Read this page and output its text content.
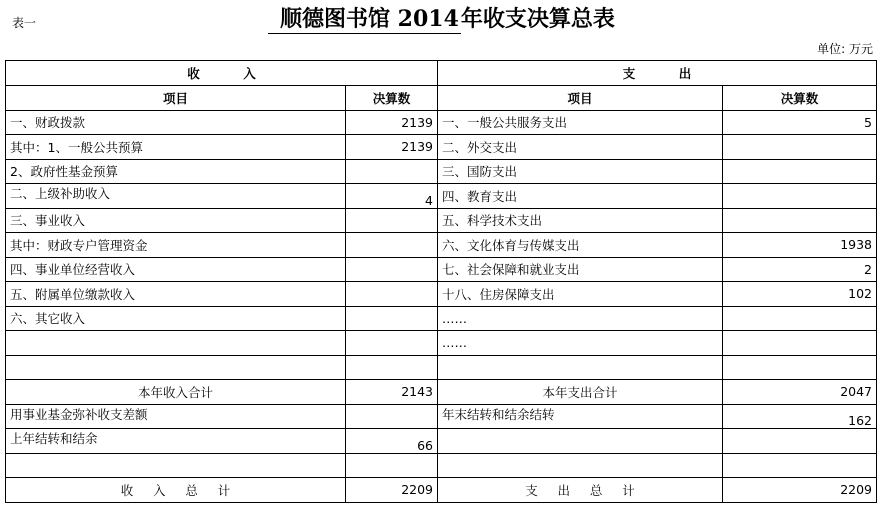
表一	顺德图书馆 2014年收支决算总表
单位: 万元
收          入		支          出	
项目	决算数	项目	决算数
一、财政拨款	2139	一、一般公共服务支出	5
其中：1、一般公共预算	2139	二、外交支出	
2、政府性基金预算		三、国防支出	
二、上级补助收入	4	四、教育支出	
三、事业收入		五、科学技术支出	
其中：财政专户管理资金		六、文化体育与传媒支出	1938
四、事业单位经营收入		七、社会保障和就业支出	2
五、附属单位缴款收入		十八、住房保障支出	102
六、其它收入		……	
		……	

本年收入合计	2143	本年支出合计	2047
用事业基金弥补收支差额		年末结转和结余结转	162
上年结转和结余	66		

收     入     总     计	2209	支     出     总     计	2209
